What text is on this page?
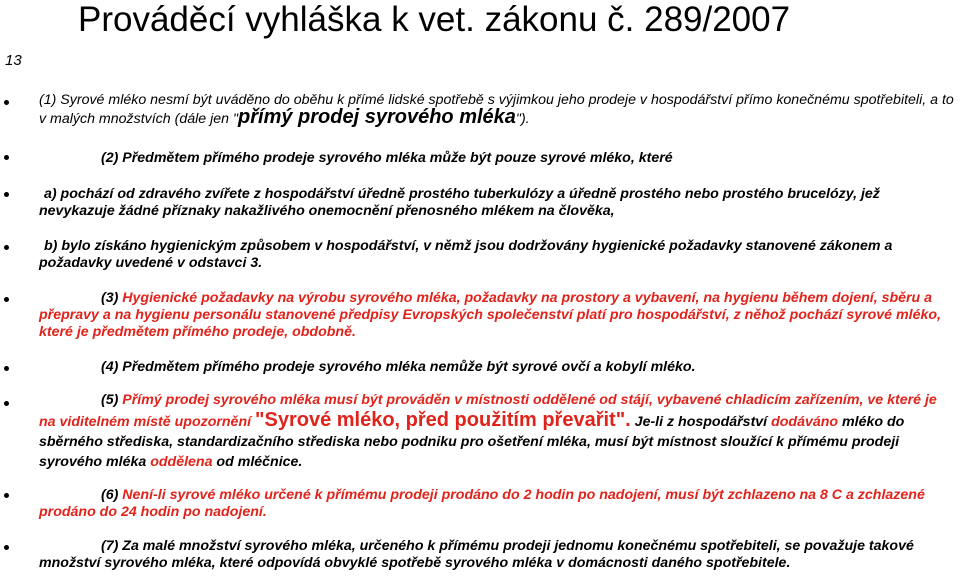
Prováděcí vyhláška k vet. zákonu č. 289/2007
13
(1) Syrové mléko nesmí být uváděno do oběhu k přímé lidské spotřebě s výjimkou jeho prodeje v hospodářství přímo konečnému spotřebiteli, a to v malých množstvích (dále jen "přímý prodej syrového mléka").
(2) Předmětem přímého prodeje syrového mléka může být pouze syrové mléko, které
a) pochází od zdravého zvířete z hospodářství úředně prostého tuberkulózy a úředně prostého nebo prostého brucelózy, jež nevykazuje žádné příznaky nakažlivého onemocnění přenosného mlékem na člověka,
b) bylo získáno hygienickým způsobem v hospodářství, v němž jsou dodržovány hygienické požadavky stanovené zákonem a požadavky uvedené v odstavci 3.
(3) Hygienické požadavky na výrobu syrového mléka, požadavky na prostory a vybavení, na hygienu během dojení, sběru a přepravy a na hygienu personálu stanovené předpisy Evropských společenství platí pro hospodářství, z něhož pochází syrové mléko, které je předmětem přímého prodeje, obdobně.
(4) Předmětem přímého prodeje syrového mléka nemůže být syrové ovčí a kobylí mléko.
(5) Přímý prodej syrového mléka musí být prováděn v místnosti oddělené od stájí, vybavené chladicím zařízením, ve které je na viditelném místě upozornění "Syrové mléko, před použitím převařit". Je-li z hospodářství dodáváno mléko do sběrného střediska, standardizačního střediska nebo podniku pro ošetření mléka, musí být místnost sloužící k přímému prodeji syrového mléka oddělena od mléčnice.
(6) Není-li syrové mléko určené k přímému prodeji prodáno do 2 hodin po nadojení, musí být zchlazeno na 8 C a zchlazené prodáno do 24 hodin po nadojení.
(7) Za malé množství syrového mléka, určeného k přímému prodeji jednomu konečnému spotřebiteli, se považuje takové množství syrového mléka, které odpovídá obvyklé spotřebě syrového mléka v domácnosti daného spotřebitele.
